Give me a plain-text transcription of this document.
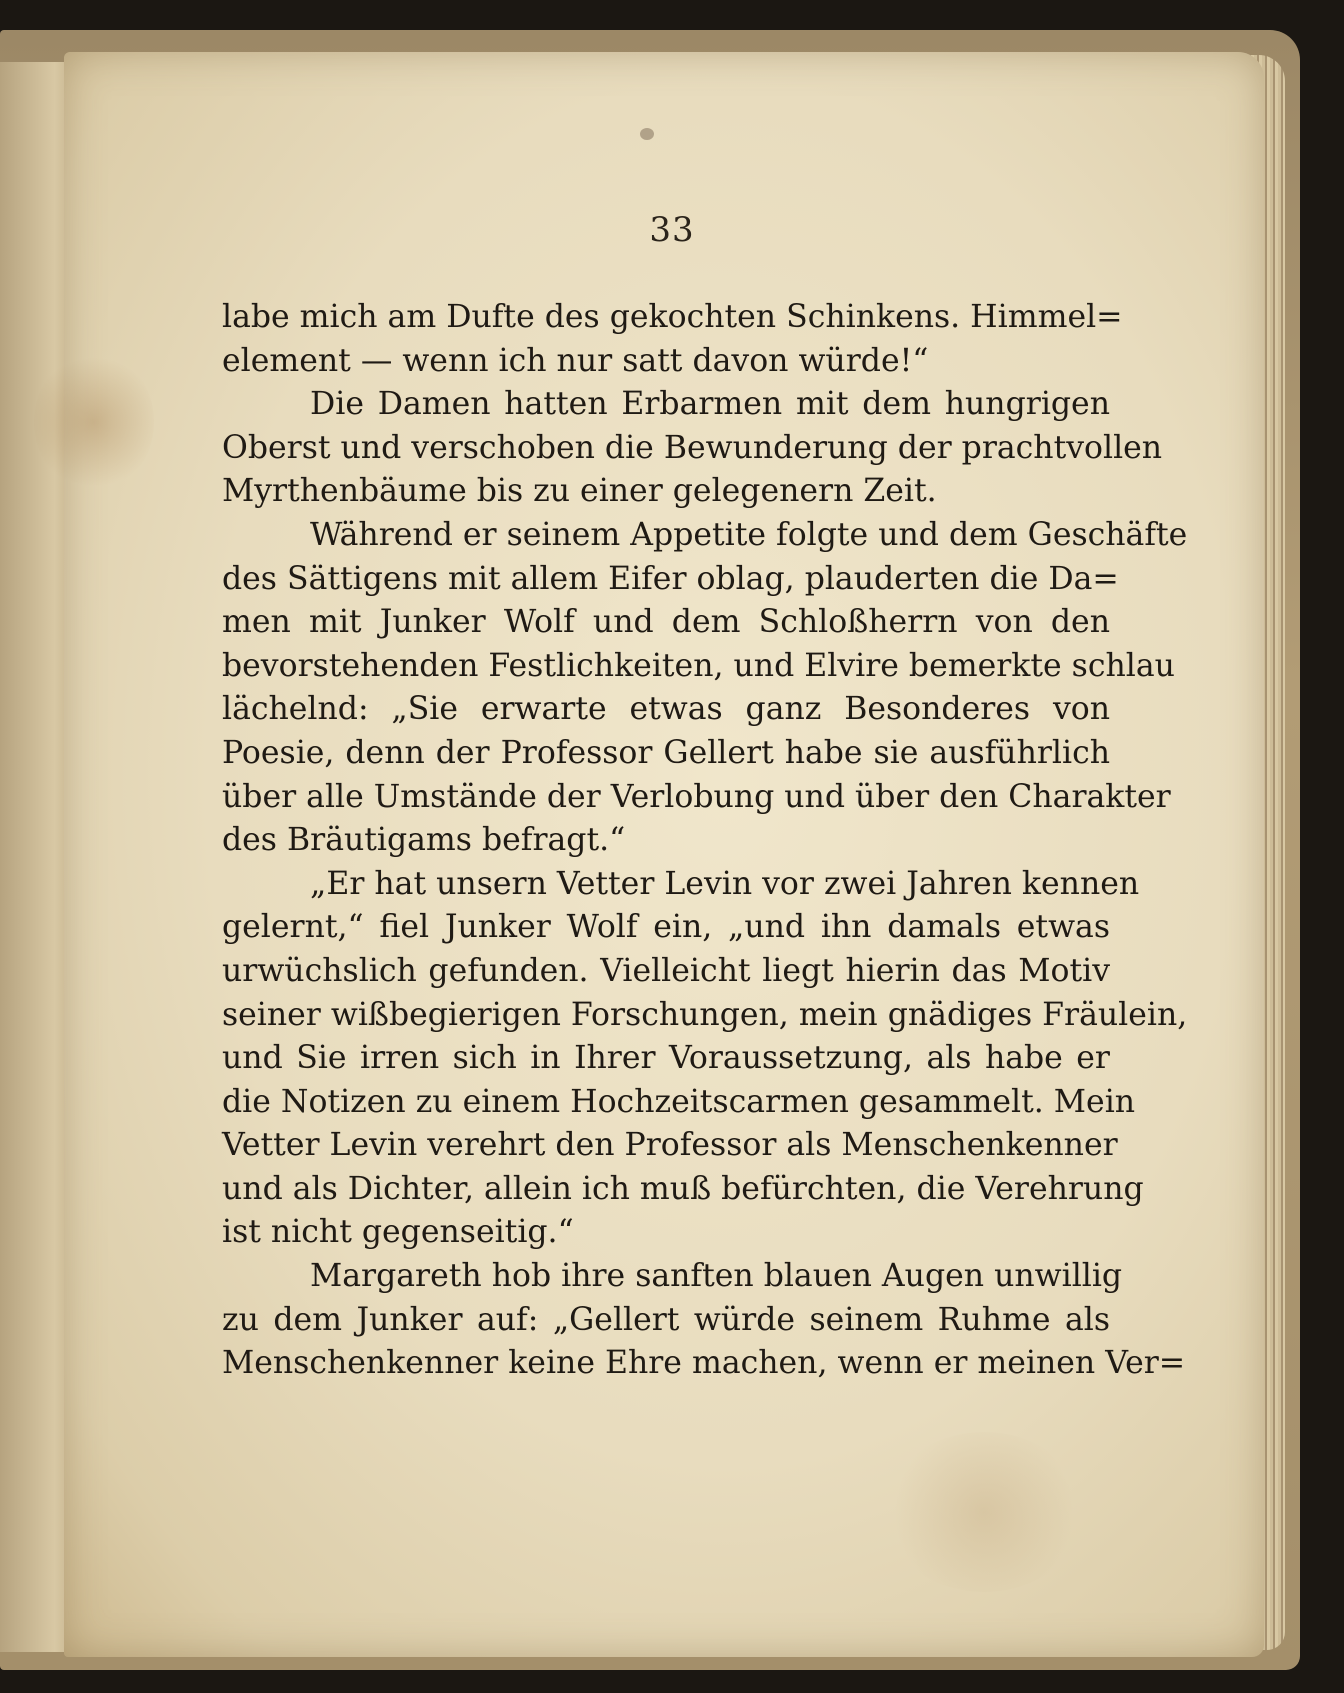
33
labe mich am Dufte des gekochten Schinkens. Himmel=
element — wenn ich nur satt davon würde!“
Die Damen hatten Erbarmen mit dem hungrigen
Oberst und verschoben die Bewunderung der prachtvollen
Myrthenbäume bis zu einer gelegenern Zeit.
Während er seinem Appetite folgte und dem Geschäfte
des Sättigens mit allem Eifer oblag, plauderten die Da=
men mit Junker Wolf und dem Schloßherrn von den
bevorstehenden Festlichkeiten, und Elvire bemerkte schlau
lächelnd: „Sie erwarte etwas ganz Besonderes von
Poesie, denn der Professor Gellert habe sie ausführlich
über alle Umstände der Verlobung und über den Charakter
des Bräutigams befragt.“
„Er hat unsern Vetter Levin vor zwei Jahren kennen
gelernt,“ fiel Junker Wolf ein, „und ihn damals etwas
urwüchslich gefunden. Vielleicht liegt hierin das Motiv
seiner wißbegierigen Forschungen, mein gnädiges Fräulein,
und Sie irren sich in Ihrer Voraussetzung, als habe er
die Notizen zu einem Hochzeitscarmen gesammelt. Mein
Vetter Levin verehrt den Professor als Menschenkenner
und als Dichter, allein ich muß befürchten, die Verehrung
ist nicht gegenseitig.“
Margareth hob ihre sanften blauen Augen unwillig
zu dem Junker auf: „Gellert würde seinem Ruhme als
Menschenkenner keine Ehre machen, wenn er meinen Ver=
